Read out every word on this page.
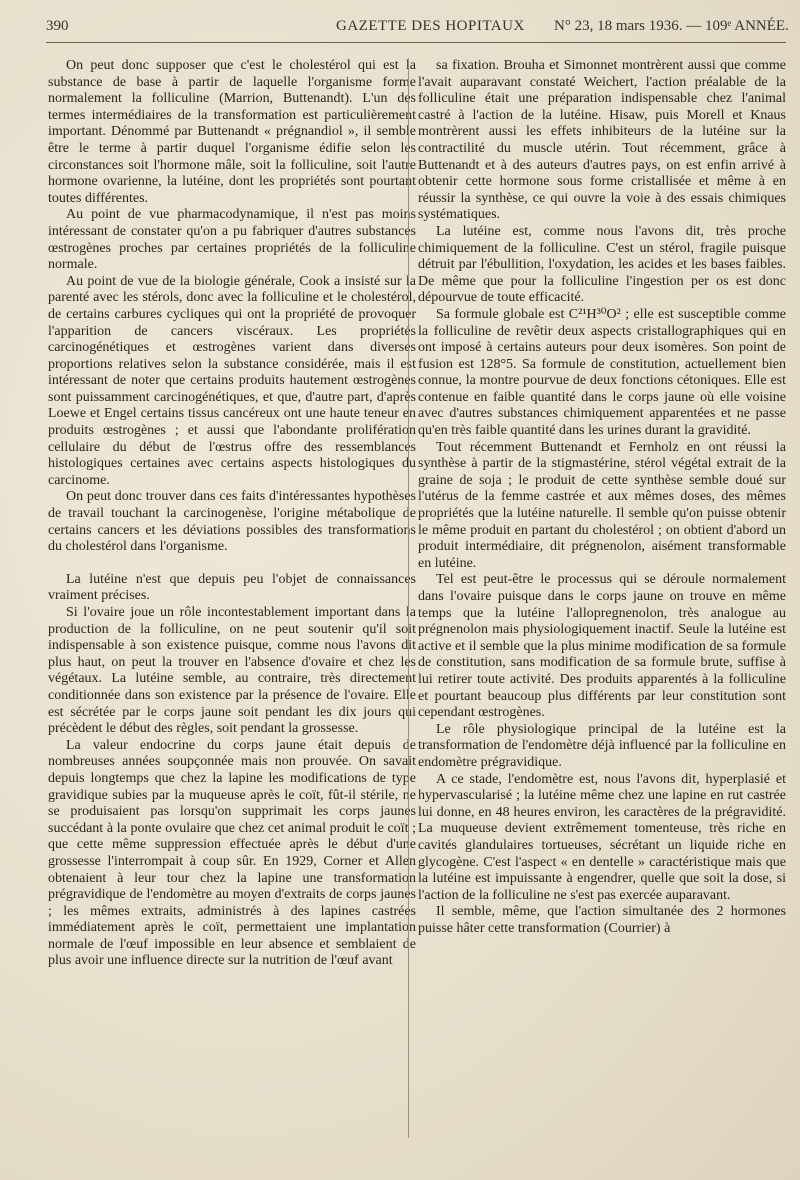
390	GAZETTE DES HOPITAUX N° 23, 18 mars 1936. — 109ᵉ ANNÉE.

On peut donc supposer que c'est le cholestérol qui est la substance de base à partir de laquelle l'organisme forme normalement la folliculine (Marrion, Buttenandt). L'un des termes intermédiaires de la transformation est particulièrement important. Dénommé par Buttenandt « prégnandiol », il semble être le terme à partir duquel l'organisme édifie selon les circonstances soit l'hormone mâle, soit la folliculine, soit l'autre hormone ovarienne, la lutéine, dont les propriétés sont pourtant toutes différentes.

Au point de vue pharmacodynamique, il n'est pas moins intéressant de constater qu'on a pu fabriquer d'autres substances œstrogènes proches par certaines propriétés de la folliculine normale.

Au point de vue de la biologie générale, Cook a insisté sur la parenté avec les stérols, donc avec la folliculine et le cholestérol, de certains carbures cycliques qui ont la propriété de provoquer l'apparition de cancers viscéraux. Les propriétés carcinogénétiques et œstrogènes varient dans diverses proportions relatives selon la substance considérée, mais il est intéressant de noter que certains produits hautement œstrogènes sont puissamment carcinogénétiques, et que, d'autre part, d'après Loewe et Engel certains tissus cancéreux ont une haute teneur en produits œstrogènes ; et aussi que l'abondante prolifération cellulaire du début de l'œstrus offre des ressemblances histologiques certaines avec certains aspects histologiques du carcinome.

On peut donc trouver dans ces faits d'intéressantes hypothèses de travail touchant la carcinogenèse, l'origine métabolique de certains cancers et les déviations possibles des transformations du cholestérol dans l'organisme.

La lutéine n'est que depuis peu l'objet de connaissances vraiment précises.

Si l'ovaire joue un rôle incontestablement important dans la production de la folliculine, on ne peut soutenir qu'il soit indispensable à son existence puisque, comme nous l'avons dit plus haut, on peut la trouver en l'absence d'ovaire et chez les végétaux. La lutéine semble, au contraire, très directement conditionnée dans son existence par la présence de l'ovaire. Elle est sécrétée par le corps jaune soit pendant les dix jours qui précèdent le début des règles, soit pendant la grossesse.

La valeur endocrine du corps jaune était depuis de nombreuses années soupçonnée mais non prouvée. On savait depuis longtemps que chez la lapine les modifications de type gravidique subies par la muqueuse après le coït, fût-il stérile, ne se produisaient pas lorsqu'on supprimait les corps jaunes succédant à la ponte ovulaire que chez cet animal produit le coït ; que cette même suppression effectuée après le début d'une grossesse l'interrompait à coup sûr. En 1929, Corner et Allen obtenaient à leur tour chez la lapine une transformation prégravidique de l'endomètre au moyen d'extraits de corps jaunes ; les mêmes extraits, administrés à des lapines castrées immédiatement après le coït, permettaient une implantation normale de l'œuf impossible en leur absence et semblaient de plus avoir une influence directe sur la nutrition de l'œuf avant

sa fixation. Brouha et Simonnet montrèrent aussi que comme l'avait auparavant constaté Weichert, l'action préalable de la folliculine était une préparation indispensable chez l'animal castré à l'action de la lutéine. Hisaw, puis Morell et Knaus montrèrent aussi les effets inhibiteurs de la lutéine sur la contractilité du muscle utérin. Tout récemment, grâce à Buttenandt et à des auteurs d'autres pays, on est enfin arrivé à obtenir cette hormone sous forme cristallisée et même à en réussir la synthèse, ce qui ouvre la voie à des essais chimiques systématiques.

La lutéine est, comme nous l'avons dit, très proche chimiquement de la folliculine. C'est un stérol, fragile puisque détruit par l'ébullition, l'oxydation, les acides et les bases faibles. De même que pour la folliculine l'ingestion per os est donc dépourvue de toute efficacité.

Sa formule globale est C²¹H³⁰O² ; elle est susceptible comme la folliculine de revêtir deux aspects cristallographiques qui en ont imposé à certains auteurs pour deux isomères. Son point de fusion est 128°5. Sa formule de constitution, actuellement bien connue, la montre pourvue de deux fonctions cétoniques. Elle est contenue en faible quantité dans le corps jaune où elle voisine avec d'autres substances chimiquement apparentées et ne passe qu'en très faible quantité dans les urines durant la gravidité.

Tout récemment Buttenandt et Fernholz en ont réussi la synthèse à partir de la stigmastérine, stérol végétal extrait de la graine de soja ; le produit de cette synthèse semble doué sur l'utérus de la femme castrée et aux mêmes doses, des mêmes propriétés que la lutéine naturelle. Il semble qu'on puisse obtenir le même produit en partant du cholestérol ; on obtient d'abord un produit intermédiaire, dit prégnenolon, aisément transformable en lutéine.

Tel est peut-être le processus qui se déroule normalement dans l'ovaire puisque dans le corps jaune on trouve en même temps que la lutéine l'allopregnenolon, très analogue au prégnenolon mais physiologiquement inactif. Seule la lutéine est active et il semble que la plus minime modification de sa formule de constitution, sans modification de sa formule brute, suffise à lui retirer toute activité. Des produits apparentés à la folliculine et pourtant beaucoup plus différents par leur constitution sont cependant œstrogènes.

Le rôle physiologique principal de la lutéine est la transformation de l'endomètre déjà influencé par la folliculine en endomètre prégravidique.

A ce stade, l'endomètre est, nous l'avons dit, hyperplasié et hypervascularisé ; la lutéine même chez une lapine en rut castrée lui donne, en 48 heures environ, les caractères de la prégravidité. La muqueuse devient extrêmement tomenteuse, très riche en cavités glandulaires tortueuses, sécrétant un liquide riche en glycogène. C'est l'aspect « en dentelle » caractéristique mais que la lutéine est impuissante à engendrer, quelle que soit la dose, si l'action de la folliculine ne s'est pas exercée auparavant.

Il semble, même, que l'action simultanée des 2 hormones puisse hâter cette transformation (Courrier) à
